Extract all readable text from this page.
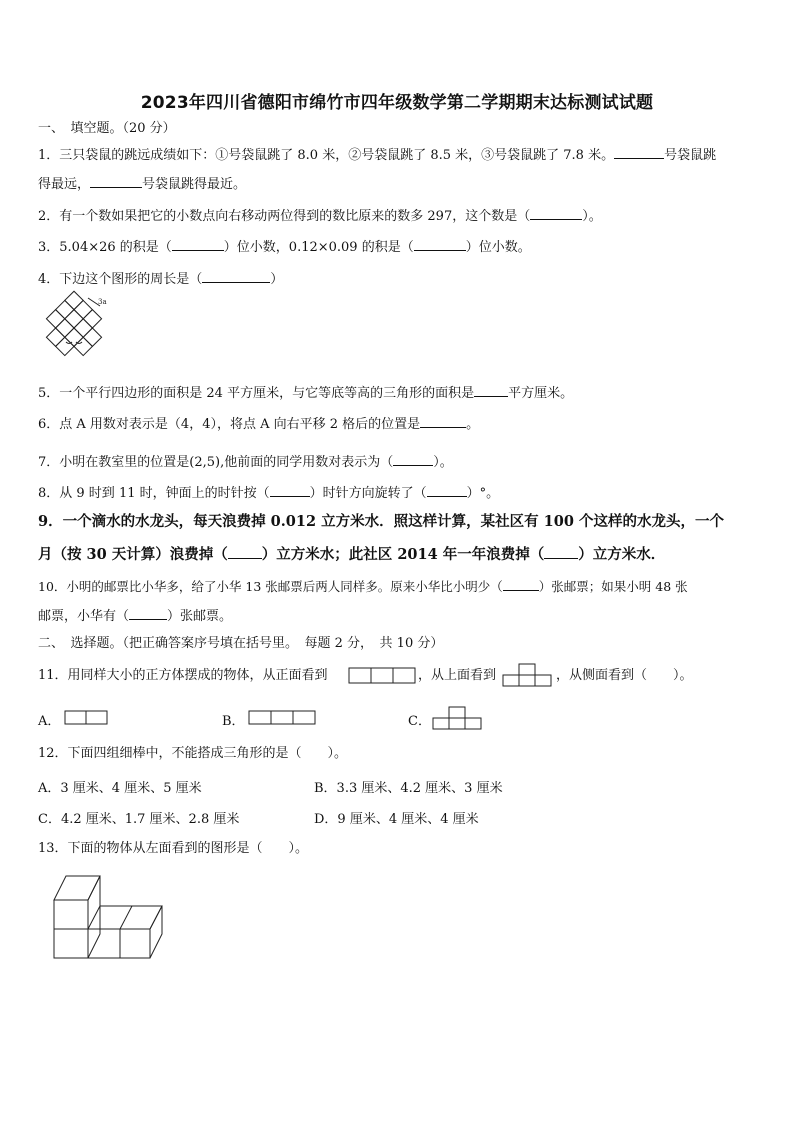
2023年四川省德阳市绵竹市四年级数学第二学期期末达标测试试题
一、　填空题。（20 分）
1．三只袋鼠的跳远成绩如下：①号袋鼠跳了 8.0 米，②号袋鼠跳了 8.5 米，③号袋鼠跳了 7.8 米。	号袋鼠跳
得最远，	号袋鼠跳得最近。
2．有一个数如果把它的小数点向右移动两位得到的数比原来的数多 297，这个数是（	）。
3．5.04×26 的积是（	）位小数，0.12×0.09 的积是（	）位小数。
4．下边这个图形的周长是（	）
3a
5．一个平行四边形的面积是 24 平方厘米，与它等底等高的三角形的面积是	平方厘米。
6．点 A 用数对表示是（4，4），将点 A 向右平移 2 格后的位置是	。
7．小明在教室里的位置是(2,5),他前面的同学用数对表示为（	）。
8．从 9 时到 11 时，钟面上的时针按（	）时针方向旋转了（	）°。
9．一个滴水的水龙头，每天浪费掉 0.012 立方米水．照这样计算，某社区有 100 个这样的水龙头，一个
月（按 30 天计算）浪费掉（ ）立方米水；此社区 2014 年一年浪费掉（ ）立方米水．
10．小明的邮票比小华多，给了小华 13 张邮票后两人同样多。原来小华比小明少（	）张邮票；如果小明 48 张
邮票，小华有（	）张邮票。
二、　选择题。（把正确答案序号填在括号里。　每题 2 分，　共 10 分）
11．用同样大小的正方体摆成的物体，从正面看到	，从上面看到	，从侧面看到（　　）。
A．	B．	C．
12．下面四组细棒中，不能搭成三角形的是（　　）。
A．3 厘米、4 厘米、5 厘米	B．3.3 厘米、4.2 厘米、3 厘米
C．4.2 厘米、1.7 厘米、2.8 厘米	D．9 厘米、4 厘米、4 厘米
13．下面的物体从左面看到的图形是（　　）。
